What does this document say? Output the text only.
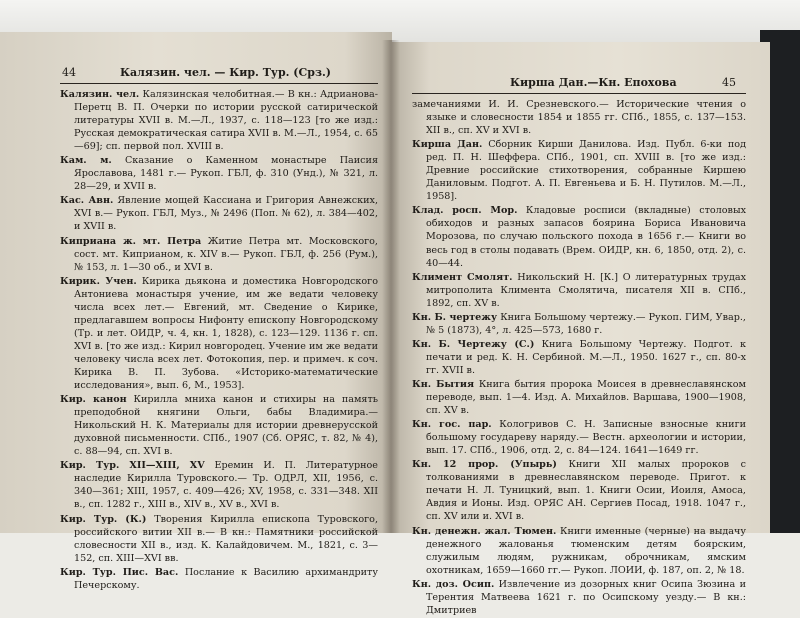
44	Калязин. чел. — Кир. Тур. (Срз.)

Калязин. чел. Калязинская челобитная.— В кн.: Адрианова-Перетц В. П. Очерки по истории русской сатирической литературы XVII в. М.—Л., 1937, с. 118—123 [то же изд.: Русская демократическая сатира XVII в. М.—Л., 1954, с. 65—69]; сп. первой пол. XVIII в.

Кам. м. Сказание о Каменном монастыре Паисия Ярославова, 1481 г.— Рукоп. ГБЛ, ф. 310 (Унд.), № 321, л. 28—29, и XVII в.

Кас. Авн. Явление мощей Кассиана и Григория Авнежских, XVI в.— Рукоп. ГБЛ, Муз., № 2496 (Поп. № 62), л. 384—402, и XVII в.

Киприана ж. мт. Петра Житие Петра мт. Московского, сост. мт. Киприаном, к. XIV в.— Рукоп. ГБЛ, ф. 256 (Рум.), № 153, л. 1—30 об., и XVI в.

Кирик. Учен. Кирика дьякона и доместика Новгородского Антониева монастыря учение, им же ведати человеку числа всех лет.— Евгений, мт. Сведение о Кирике, предлагавшем вопросы Нифонту епископу Новгородскому (Тр. и лет. ОИДР, ч. 4, кн. 1, 1828), с. 123—129. 1136 г. сп. XVI в. [то же изд.: Кирил новгородец. Учение им же ведати человеку числа всех лет. Фотокопия, пер. и примеч. к соч. Кирика В. П. Зубова. «Историко-математические исследования», вып. 6, М., 1953].

Кир. канон Кирилла мниха канон и стихиры на память преподобной княгини Ольги, бабы Владимира.— Никольский Н. К. Материалы для истории древнерусской духовной письменности. СПб., 1907 (Сб. ОРЯС, т. 82, № 4), с. 88—94, сп. XVI в.

Кир. Тур. XII—XIII, XV Еремин И. П. Литературное наследие Кирилла Туровского.— Тр. ОДРЛ, XII, 1956, с. 340—361; XIII, 1957, с. 409—426; XV, 1958, с. 331—348. XII в., сп. 1282 г., XIII в., XIV в., XV в., XVI в.

Кир. Тур. (К.) Творения Кирилла епископа Туровского, российского витии XII в.— В кн.: Памятники российской словесности XII в., изд. К. Калайдовичем. М., 1821, с. 3—152, сп. XIII—XVI вв.

Кир. Тур. Пис. Вас. Послание к Василию архимандриту Печерскому.

Кирша Дан.—Кн. Епохова	45

замечаниями И. И. Срезневского.— Исторические чтения о языке и словесности 1854 и 1855 гг. СПб., 1855, с. 137—153. XII в., сп. XV и XVI в.

Кирша Дан. Сборник Кирши Данилова. Изд. Публ. 6-ки под ред. П. Н. Шеффера. СПб., 1901, сп. XVIII в. [то же изд.: Древние российские стихотворения, собранные Киршею Даниловым. Подгот. А. П. Евгеньева и Б. Н. Путилов. М.—Л., 1958].

Клад. росп. Мор. Кладовые росписи (вкладные) столовых обиходов и разных запасов боярина Бориса Ивановича Морозова, по случаю польского похода в 1656 г.— Книги во весь год в столы подавать (Врем. ОИДР, кн. 6, 1850, отд. 2), с. 40—44.

Климент Смолят. Никольский Н. [К.] О литературных трудах митрополита Климента Смолятича, писателя XII в. СПб., 1892, сп. XV в.

Кн. Б. чертежу Книга Большому чертежу.— Рукоп. ГИМ, Увар., № 5 (1873), 4°, л. 425—573, 1680 г.

Кн. Б. Чертежу (С.) Книга Большому Чертежу. Подгот. к печати и ред. К. Н. Сербиной. М.—Л., 1950. 1627 г., сп. 80-х гг. XVII в.

Кн. Бытия Книга бытия пророка Моисея в древнеславянском переводе, вып. 1—4. Изд. А. Михайлов. Варшава, 1900—1908, сп. XV в.

Кн. гос. пар. Кологривов С. Н. Записные взносные книги большому государеву наряду.— Вестн. археологии и истории, вып. 17. СПб., 1906, отд. 2, с. 84—124. 1641—1649 гг.

Кн. 12 прор. (Упырь) Книги XII малых пророков с толкованиями в древнеславянском переводе. Пригот. к печати Н. Л. Туницкий, вып. 1. Книги Осии, Иоиля, Амоса, Авдия и Ионы. Изд. ОРЯС АН. Сергиев Посад, 1918. 1047 г., сп. XV или и. XVI в.

Кн. денежн. жал. Тюмен. Книги именные (черные) на выдачу денежного жалованья тюменским детям боярским, служилым людям, ружникам, оброчникам, ямским охотникам, 1659—1660 гг.— Рукоп. ЛОИИ, ф. 187, оп. 2, № 18.

Кн. доз. Осип. Извлечение из дозорных книг Осипа Зюзина и Терентия Матвеева 1621 г. по Осипскому уезду.— В кн.: Дмитриев
